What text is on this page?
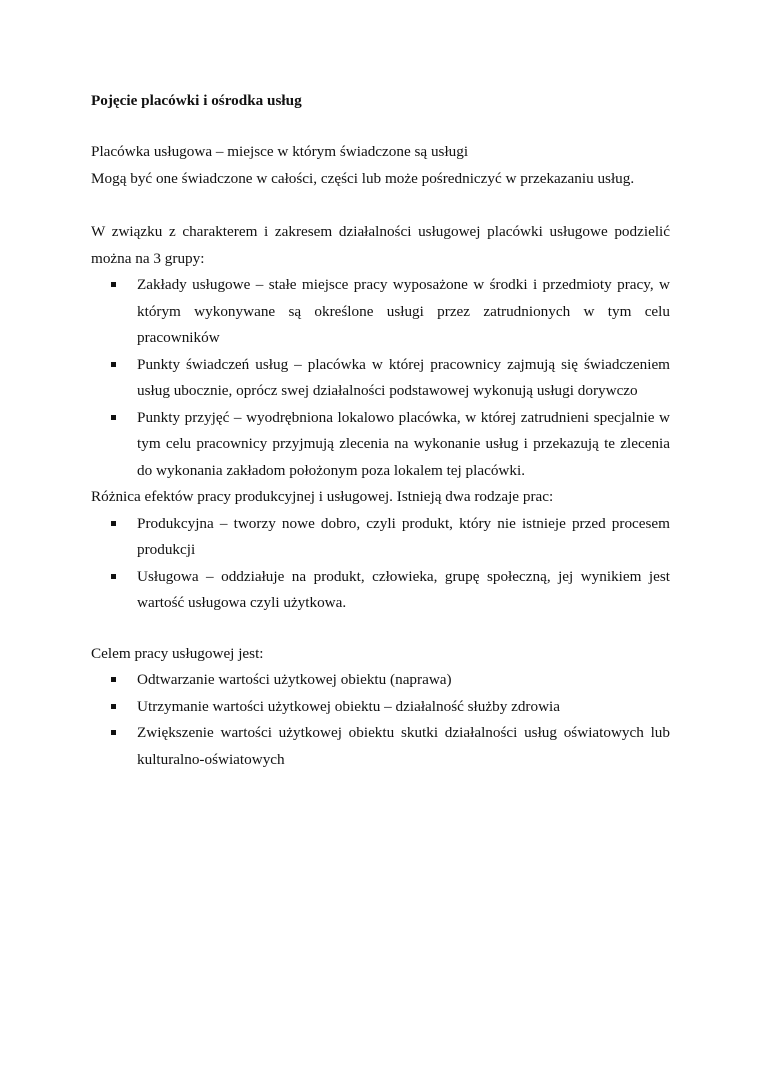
Pojęcie placówki i ośrodka usług

Placówka usługowa – miejsce w którym świadczone są usługi

Mogą być one świadczone w całości, części lub może pośredniczyć w przekazaniu usług.

W związku z charakterem i zakresem działalności usługowej placówki usługowe podzielić można na 3 grupy:

Zakłady usługowe – stałe miejsce pracy wyposażone w środki i przedmioty pracy, w którym wykonywane są określone usługi przez zatrudnionych w tym celu pracowników
Punkty świadczeń usług – placówka w której pracownicy zajmują się świadczeniem usług ubocznie, oprócz swej działalności podstawowej wykonują usługi dorywczo
Punkty przyjęć – wyodrębniona lokalowo placówka, w której zatrudnieni specjalnie w tym celu pracownicy przyjmują zlecenia na wykonanie usług i przekazują te zlecenia do wykonania zakładom położonym poza lokalem tej placówki.

Różnica efektów pracy produkcyjnej i usługowej. Istnieją dwa rodzaje prac:

Produkcyjna – tworzy nowe dobro, czyli produkt, który nie istnieje przed procesem produkcji
Usługowa – oddziałuje na produkt, człowieka, grupę społeczną, jej wynikiem jest wartość usługowa czyli użytkowa.

Celem pracy usługowej jest:

Odtwarzanie wartości użytkowej obiektu (naprawa)
Utrzymanie wartości użytkowej obiektu – działalność służby zdrowia
Zwiększenie wartości użytkowej obiektu skutki działalności usług oświatowych lub kulturalno-oświatowych
